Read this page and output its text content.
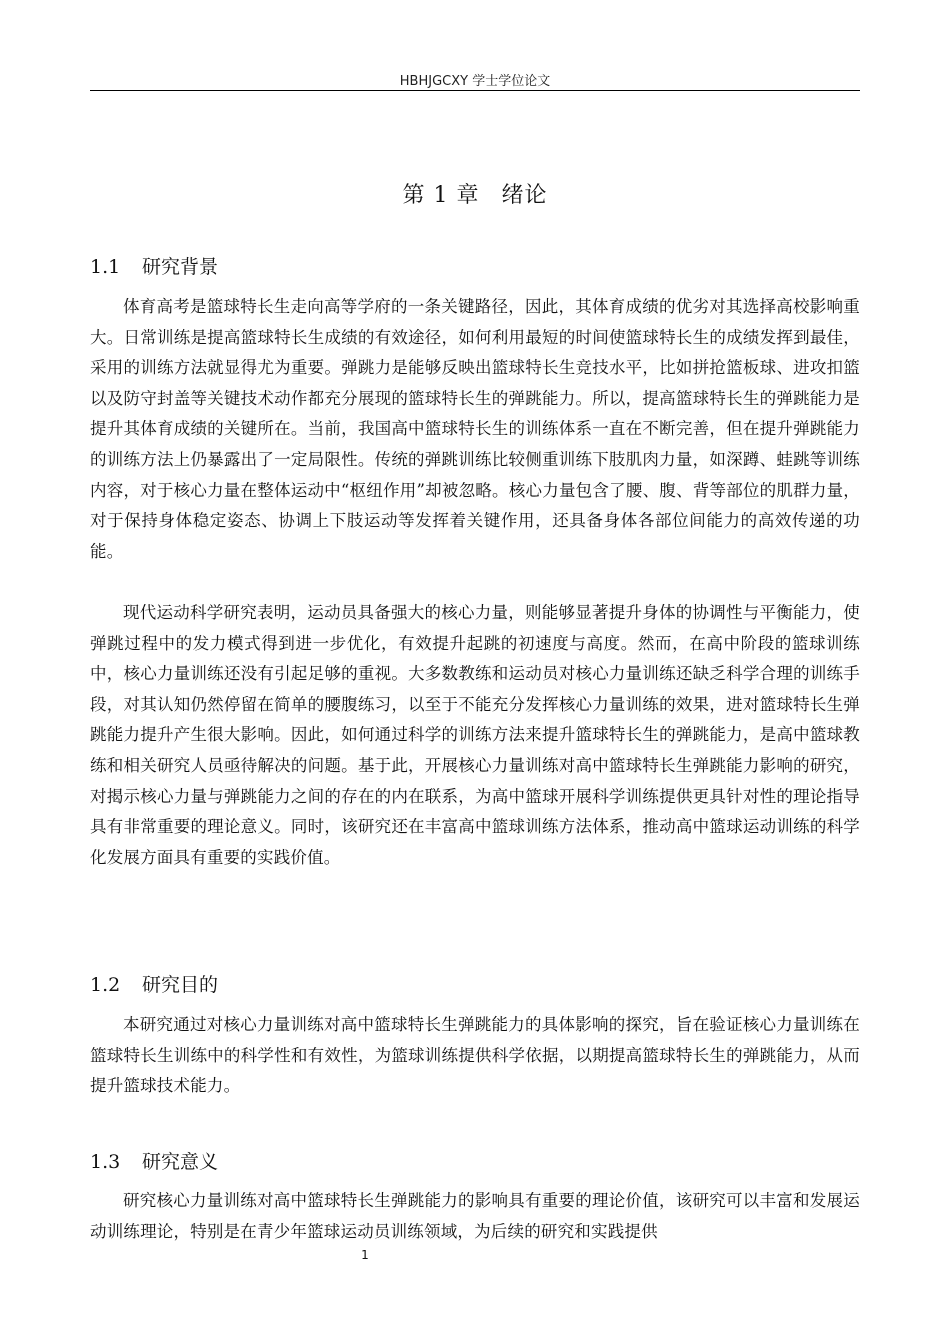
HBHJGCXY 学士学位论文
第 1 章 绪论
1.1 研究背景

体育高考是篮球特长生走向高等学府的一条关键路径，因此，其体育成绩的优劣对其选择高校影响重大。日常训练是提高篮球特长生成绩的有效途径，如何利用最短的时间使篮球特长生的成绩发挥到最佳，采用的训练方法就显得尤为重要。弹跳力是能够反映出篮球特长生竞技水平，比如拼抢篮板球、进攻扣篮以及防守封盖等关键技术动作都充分展现的篮球特长生的弹跳能力。所以，提高篮球特长生的弹跳能力是提升其体育成绩的关键所在。当前，我国高中篮球特长生的训练体系一直在不断完善，但在提升弹跳能力的训练方法上仍暴露出了一定局限性。传统的弹跳训练比较侧重训练下肢肌肉力量，如深蹲、蛙跳等训练内容，对于核心力量在整体运动中“枢纽作用”却被忽略。核心力量包含了腰、腹、背等部位的肌群力量，对于保持身体稳定姿态、协调上下肢运动等发挥着关键作用，还具备身体各部位间能力的高效传递的功能。

现代运动科学研究表明，运动员具备强大的核心力量，则能够显著提升身体的协调性与平衡能力，使弹跳过程中的发力模式得到进一步优化，有效提升起跳的初速度与高度。然而，在高中阶段的篮球训练中，核心力量训练还没有引起足够的重视。大多数教练和运动员对核心力量训练还缺乏科学合理的训练手段，对其认知仍然停留在简单的腰腹练习，以至于不能充分发挥核心力量训练的效果，进对篮球特长生弹跳能力提升产生很大影响。因此，如何通过科学的训练方法来提升篮球特长生的弹跳能力，是高中篮球教练和相关研究人员亟待解决的问题。基于此，开展核心力量训练对高中篮球特长生弹跳能力影响的研究，对揭示核心力量与弹跳能力之间的存在的内在联系，为高中篮球开展科学训练提供更具针对性的理论指导具有非常重要的理论意义。同时，该研究还在丰富高中篮球训练方法体系，推动高中篮球运动训练的科学化发展方面具有重要的实践价值。

1.2 研究目的

本研究通过对核心力量训练对高中篮球特长生弹跳能力的具体影响的探究，旨在验证核心力量训练在篮球特长生训练中的科学性和有效性，为篮球训练提供科学依据，以期提高篮球特长生的弹跳能力，从而提升篮球技术能力。

1.3 研究意义

研究核心力量训练对高中篮球特长生弹跳能力的影响具有重要的理论价值，该研究可以丰富和发展运动训练理论，特别是在青少年篮球运动员训练领域，为后续的研究和实践提供

1
